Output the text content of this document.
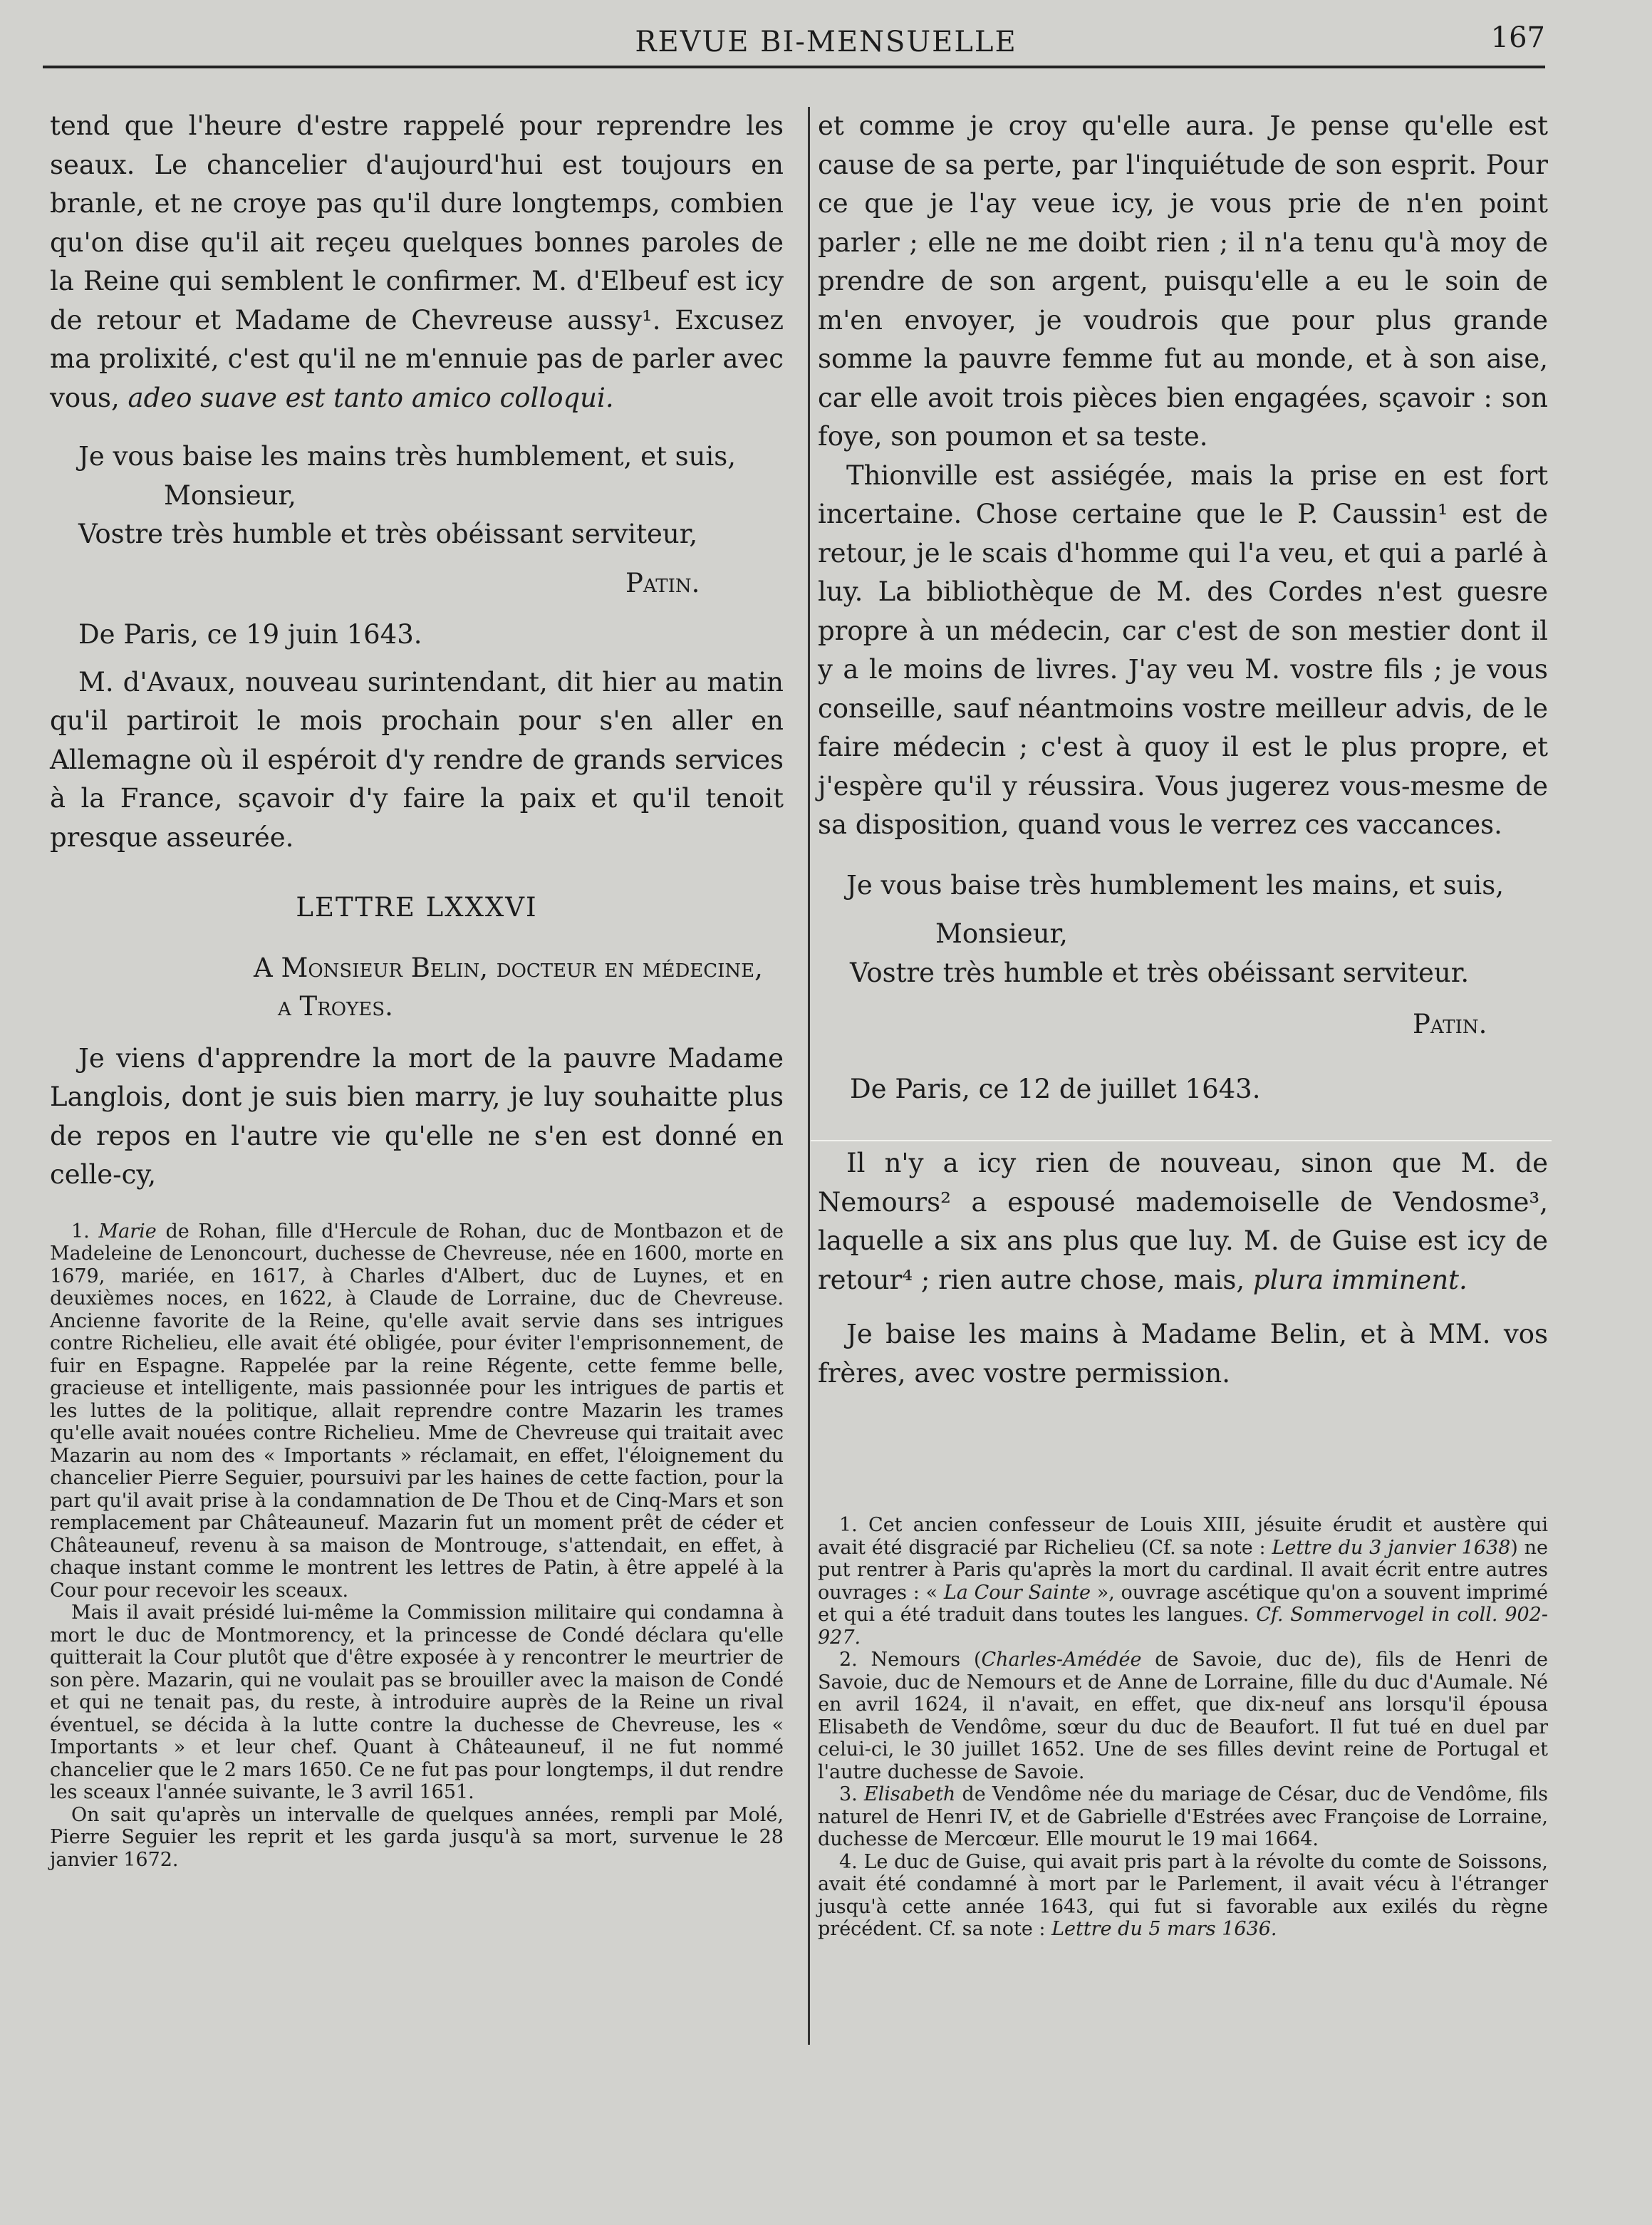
REVUE BI-MENSUELLE	167

tend que l'heure d'estre rappelé pour reprendre les seaux. Le chancelier d'aujourd'hui est toujours en branle, et ne croye pas qu'il dure longtemps, combien qu'on dise qu'il ait reçeu quelques bonnes paroles de la Reine qui semblent le confirmer. M. d'Elbeuf est icy de retour et Madame de Chevreuse aussy¹. Excusez ma prolixité, c'est qu'il ne m'ennuie pas de parler avec vous, adeo suave est tanto amico colloqui.

Je vous baise les mains très humblement, et suis,

Monsieur,

Vostre très humble et très obéissant serviteur,

Patin.

De Paris, ce 19 juin 1643.

M. d'Avaux, nouveau surintendant, dit hier au matin qu'il partiroit le mois prochain pour s'en aller en Allemagne où il espéroit d'y rendre de grands services à la France, sçavoir d'y faire la paix et qu'il tenoit presque asseurée.

LETTRE LXXXVI

A Monsieur Belin, docteur en médecine,

a Troyes.

Je viens d'apprendre la mort de la pauvre Madame Langlois, dont je suis bien marry, je luy souhaitte plus de repos en l'autre vie qu'elle ne s'en est donné en celle-cy,

1. Marie de Rohan, fille d'Hercule de Rohan, duc de Montbazon et de Madeleine de Lenoncourt, duchesse de Chevreuse, née en 1600, morte en 1679, mariée, en 1617, à Charles d'Albert, duc de Luynes, et en deuxièmes noces, en 1622, à Claude de Lorraine, duc de Chevreuse. Ancienne favorite de la Reine, qu'elle avait servie dans ses intrigues contre Richelieu, elle avait été obligée, pour éviter l'emprisonnement, de fuir en Espagne. Rappelée par la reine Régente, cette femme belle, gracieuse et intelligente, mais passionnée pour les intrigues de partis et les luttes de la politique, allait reprendre contre Mazarin les trames qu'elle avait nouées contre Richelieu. Mme de Chevreuse qui traitait avec Mazarin au nom des « Importants » réclamait, en effet, l'éloignement du chancelier Pierre Seguier, poursuivi par les haines de cette faction, pour la part qu'il avait prise à la condamnation de De Thou et de Cinq-Mars et son remplacement par Châteauneuf. Mazarin fut un moment prêt de céder et Châteauneuf, revenu à sa maison de Montrouge, s'attendait, en effet, à chaque instant comme le montrent les lettres de Patin, à être appelé à la Cour pour recevoir les sceaux.

Mais il avait présidé lui-même la Commission militaire qui condamna à mort le duc de Montmorency, et la princesse de Condé déclara qu'elle quitterait la Cour plutôt que d'être exposée à y rencontrer le meurtrier de son père. Mazarin, qui ne voulait pas se brouiller avec la maison de Condé et qui ne tenait pas, du reste, à introduire auprès de la Reine un rival éventuel, se décida à la lutte contre la duchesse de Chevreuse, les « Importants » et leur chef. Quant à Châteauneuf, il ne fut nommé chancelier que le 2 mars 1650. Ce ne fut pas pour longtemps, il dut rendre les sceaux l'année suivante, le 3 avril 1651.

On sait qu'après un intervalle de quelques années, rempli par Molé, Pierre Seguier les reprit et les garda jusqu'à sa mort, survenue le 28 janvier 1672.

et comme je croy qu'elle aura. Je pense qu'elle est cause de sa perte, par l'inquiétude de son esprit. Pour ce que je l'ay veue icy, je vous prie de n'en point parler ; elle ne me doibt rien ; il n'a tenu qu'à moy de prendre de son argent, puisqu'elle a eu le soin de m'en envoyer, je voudrois que pour plus grande somme la pauvre femme fut au monde, et à son aise, car elle avoit trois pièces bien engagées, sçavoir : son foye, son poumon et sa teste.

Thionville est assiégée, mais la prise en est fort incertaine. Chose certaine que le P. Caussin¹ est de retour, je le scais d'homme qui l'a veu, et qui a parlé à luy. La bibliothèque de M. des Cordes n'est guesre propre à un médecin, car c'est de son mestier dont il y a le moins de livres. J'ay veu M. vostre fils ; je vous conseille, sauf néantmoins vostre meilleur advis, de le faire médecin ; c'est à quoy il est le plus propre, et j'espère qu'il y réussira. Vous jugerez vous-mesme de sa disposition, quand vous le verrez ces vaccances.

Je vous baise très humblement les mains, et suis,

Monsieur,

Vostre très humble et très obéissant serviteur.

Patin.

De Paris, ce 12 de juillet 1643.

Il n'y a icy rien de nouveau, sinon que M. de Nemours² a espousé mademoiselle de Vendosme³, laquelle a six ans plus que luy. M. de Guise est icy de retour⁴ ; rien autre chose, mais, plura imminent.

Je baise les mains à Madame Belin, et à MM. vos frères, avec vostre permission.

1. Cet ancien confesseur de Louis XIII, jésuite érudit et austère qui avait été disgracié par Richelieu (Cf. sa note : Lettre du 3 janvier 1638) ne put rentrer à Paris qu'après la mort du cardinal. Il avait écrit entre autres ouvrages : « La Cour Sainte », ouvrage ascétique qu'on a souvent imprimé et qui a été traduit dans toutes les langues. Cf. Sommervogel in coll. 902-927.

2. Nemours (Charles-Amédée de Savoie, duc de), fils de Henri de Savoie, duc de Nemours et de Anne de Lorraine, fille du duc d'Aumale. Né en avril 1624, il n'avait, en effet, que dix-neuf ans lorsqu'il épousa Elisabeth de Vendôme, sœur du duc de Beaufort. Il fut tué en duel par celui-ci, le 30 juillet 1652. Une de ses filles devint reine de Portugal et l'autre duchesse de Savoie.

3. Elisabeth de Vendôme née du mariage de César, duc de Vendôme, fils naturel de Henri IV, et de Gabrielle d'Estrées avec Françoise de Lorraine, duchesse de Mercœur. Elle mourut le 19 mai 1664.

4. Le duc de Guise, qui avait pris part à la révolte du comte de Soissons, avait été condamné à mort par le Parlement, il avait vécu à l'étranger jusqu'à cette année 1643, qui fut si favorable aux exilés du règne précédent. Cf. sa note : Lettre du 5 mars 1636.
